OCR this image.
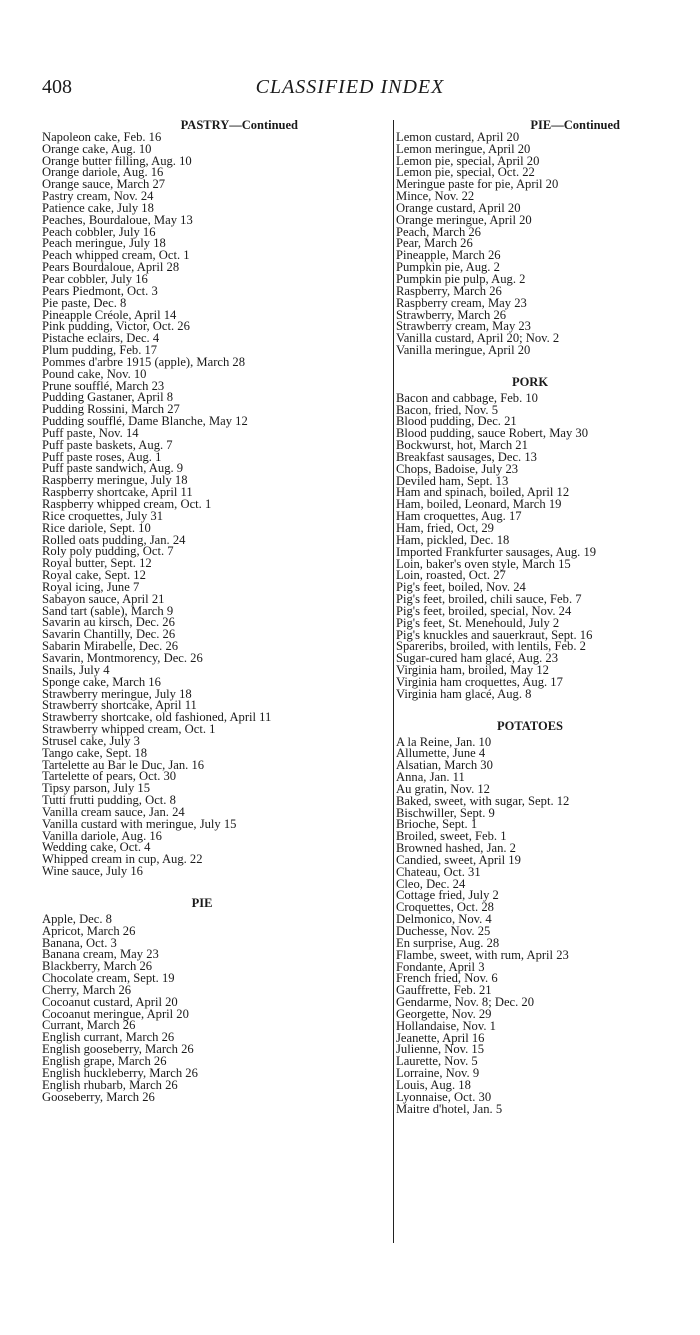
408	CLASSIFIED INDEX
PASTRY—Continued
Napoleon cake, Feb. 16
Orange cake, Aug. 10
Orange butter filling, Aug. 10
Orange dariole, Aug. 16
Orange sauce, March 27
Pastry cream, Nov. 24
Patience cake, July 18
Peaches, Bourdaloue, May 13
Peach cobbler, July 16
Peach meringue, July 18
Peach whipped cream, Oct. 1
Pears Bourdaloue, April 28
Pear cobbler, July 16
Pears Piedmont, Oct. 3
Pie paste, Dec. 8
Pineapple Créole, April 14
Pink pudding, Victor, Oct. 26
Pistache eclairs, Dec. 4
Plum pudding, Feb. 17
Pommes d'arbre 1915 (apple), March 28
Pound cake, Nov. 10
Prune soufflé, March 23
Pudding Gastaner, April 8
Pudding Rossini, March 27
Pudding soufflé, Dame Blanche, May 12
Puff paste, Nov. 14
Puff paste baskets, Aug. 7
Puff paste roses, Aug. 1
Puff paste sandwich, Aug. 9
Raspberry meringue, July 18
Raspberry shortcake, April 11
Raspberry whipped cream, Oct. 1
Rice croquettes, July 31
Rice dariole, Sept. 10
Rolled oats pudding, Jan. 24
Roly poly pudding, Oct. 7
Royal butter, Sept. 12
Royal cake, Sept. 12
Royal icing, June 7
Sabayon sauce, April 21
Sand tart (sable), March 9
Savarin au kirsch, Dec. 26
Savarin Chantilly, Dec. 26
Sabarin Mirabelle, Dec. 26
Savarin, Montmorency, Dec. 26
Snails, July 4
Sponge cake, March 16
Strawberry meringue, July 18
Strawberry shortcake, April 11
Strawberry shortcake, old fashioned, April 11
Strawberry whipped cream, Oct. 1
Strusel cake, July 3
Tango cake, Sept. 18
Tartelette au Bar le Duc, Jan. 16
Tartelette of pears, Oct. 30
Tipsy parson, July 15
Tutti frutti pudding, Oct. 8
Vanilla cream sauce, Jan. 24
Vanilla custard with meringue, July 15
Vanilla dariole, Aug. 16
Wedding cake, Oct. 4
Whipped cream in cup, Aug. 22
Wine sauce, July 16
PIE
Apple, Dec. 8
Apricot, March 26
Banana, Oct. 3
Banana cream, May 23
Blackberry, March 26
Chocolate cream, Sept. 19
Cherry, March 26
Cocoanut custard, April 20
Cocoanut meringue, April 20
Currant, March 26
English currant, March 26
English gooseberry, March 26
English grape, March 26
English huckleberry, March 26
English rhubarb, March 26
Gooseberry, March 26
PIE—Continued
Lemon custard, April 20
Lemon meringue, April 20
Lemon pie, special, April 20
Lemon pie, special, Oct. 22
Meringue paste for pie, April 20
Mince, Nov. 22
Orange custard, April 20
Orange meringue, April 20
Peach, March 26
Pear, March 26
Pineapple, March 26
Pumpkin pie, Aug. 2
Pumpkin pie pulp, Aug. 2
Raspberry, March 26
Raspberry cream, May 23
Strawberry, March 26
Strawberry cream, May 23
Vanilla custard, April 20; Nov. 2
Vanilla meringue, April 20
PORK
Bacon and cabbage, Feb. 10
Bacon, fried, Nov. 5
Blood pudding, Dec. 21
Blood pudding, sauce Robert, May 30
Bockwurst, hot, March 21
Breakfast sausages, Dec. 13
Chops, Badoise, July 23
Deviled ham, Sept. 13
Ham and spinach, boiled, April 12
Ham, boiled, Leonard, March 19
Ham croquettes, Aug. 17
Ham, fried, Oct, 29
Ham, pickled, Dec. 18
Imported Frankfurter sausages, Aug. 19
Loin, baker's oven style, March 15
Loin, roasted, Oct. 27
Pig's feet, boiled, Nov. 24
Pig's feet, broiled, chili sauce, Feb. 7
Pig's feet, broiled, special, Nov. 24
Pig's feet, St. Menehould, July 2
Pig's knuckles and sauerkraut, Sept. 16
Spareribs, broiled, with lentils, Feb. 2
Sugar-cured ham glacé, Aug. 23
Virginia ham, broiled, May 12
Virginia ham croquettes, Aug. 17
Virginia ham glacé, Aug. 8
POTATOES
A la Reine, Jan. 10
Allumette, June 4
Alsatian, March 30
Anna, Jan. 11
Au gratin, Nov. 12
Baked, sweet, with sugar, Sept. 12
Bischwiller, Sept. 9
Brioche, Sept. 1
Broiled, sweet, Feb. 1
Browned hashed, Jan. 2
Candied, sweet, April 19
Chateau, Oct. 31
Cleo, Dec. 24
Cottage fried, July 2
Croquettes, Oct. 28
Delmonico, Nov. 4
Duchesse, Nov. 25
En surprise, Aug. 28
Flambe, sweet, with rum, April 23
Fondante, April 3
French fried, Nov. 6
Gauffrette, Feb. 21
Gendarme, Nov. 8; Dec. 20
Georgette, Nov. 29
Hollandaise, Nov. 1
Jeanette, April 16
Julienne, Nov. 15
Laurette, Nov. 5
Lorraine, Nov. 9
Louis, Aug. 18
Lyonnaise, Oct. 30
Maitre d'hotel, Jan. 5
